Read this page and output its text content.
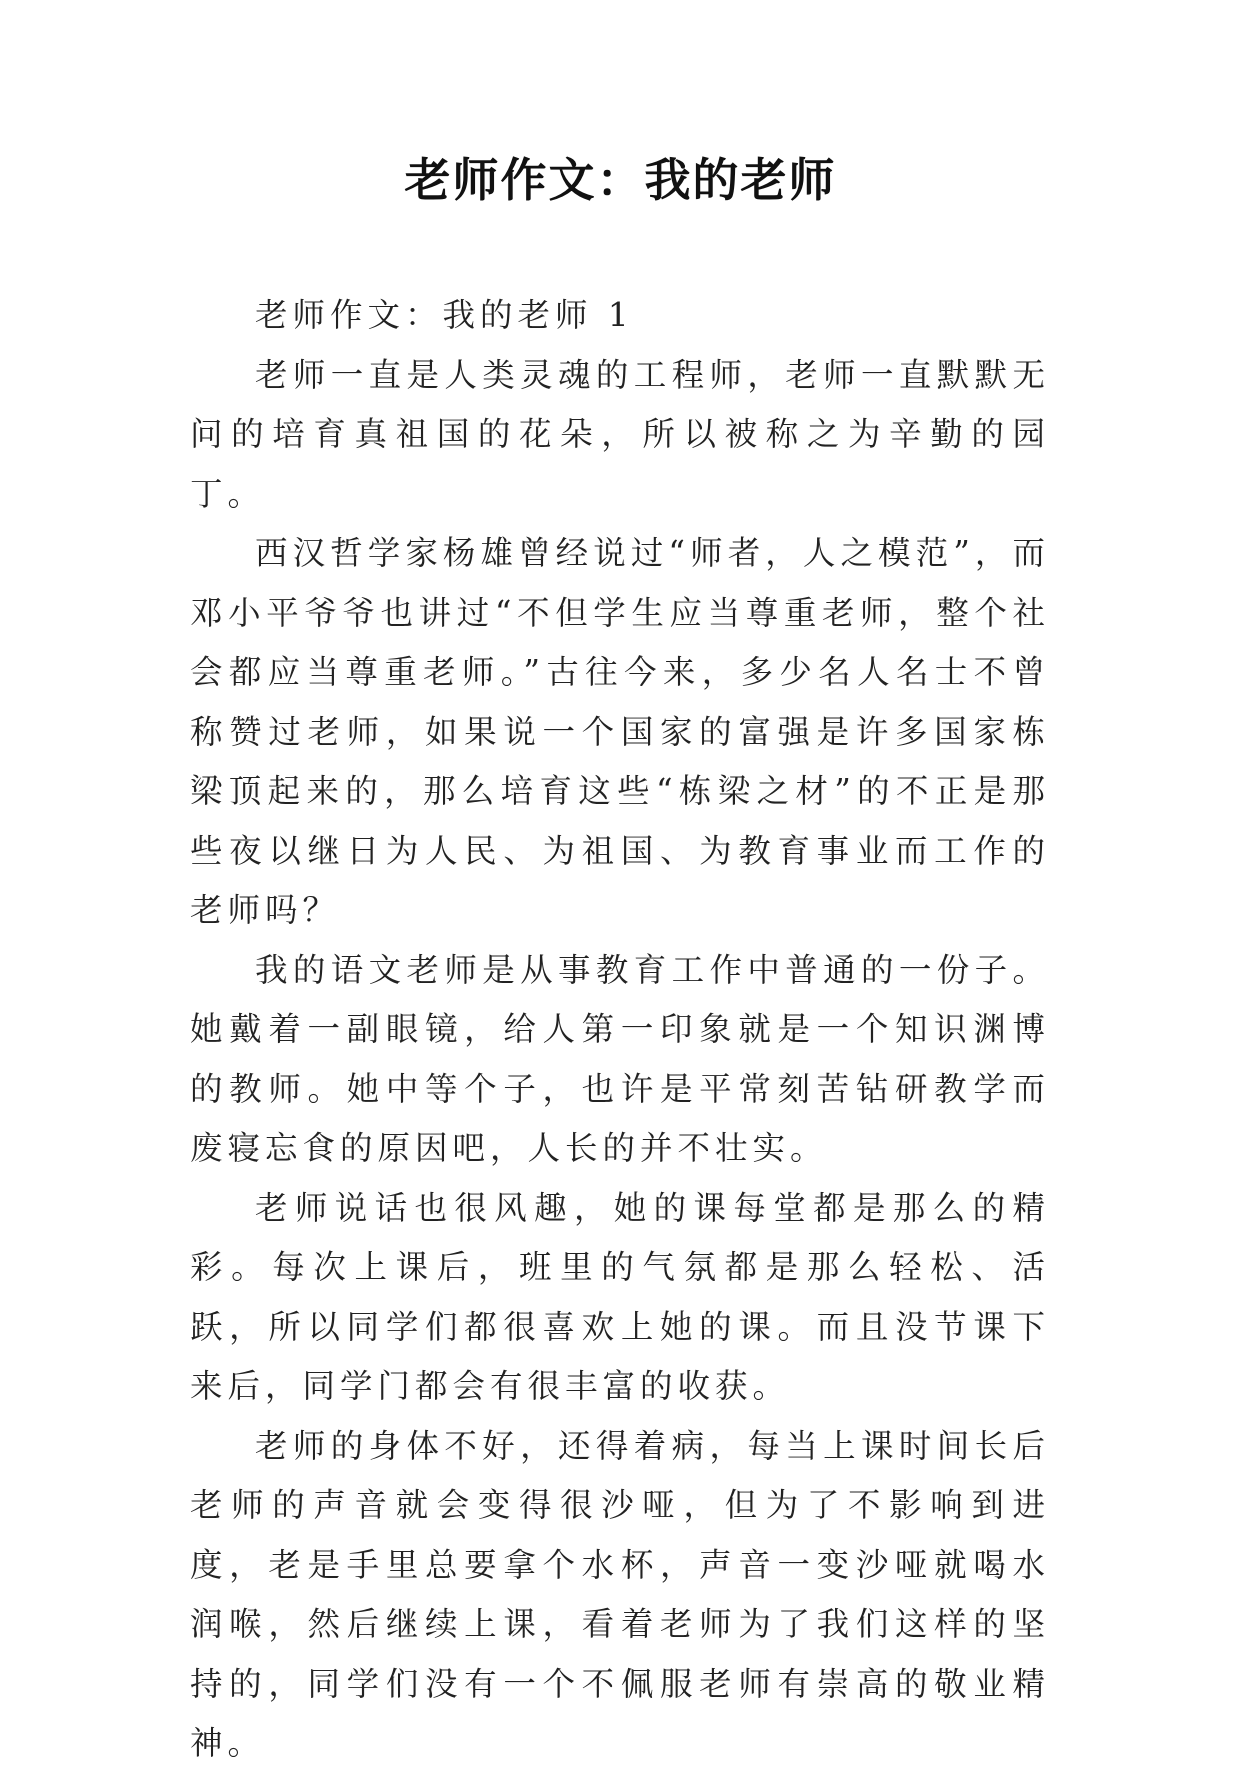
老师作文：我的老师

老师作文：我的老师 1

老师一直是人类灵魂的工程师，老师一直默默无问的培育真祖国的花朵，所以被称之为辛勤的园丁。

西汉哲学家杨雄曾经说过“师者，人之模范”，而邓小平爷爷也讲过“不但学生应当尊重老师，整个社会都应当尊重老师。”古往今来，多少名人名士不曾称赞过老师，如果说一个国家的富强是许多国家栋梁顶起来的，那么培育这些“栋梁之材”的不正是那些夜以继日为人民、为祖国、为教育事业而工作的老师吗？

我的语文老师是从事教育工作中普通的一份子。她戴着一副眼镜，给人第一印象就是一个知识渊博的教师。她中等个子，也许是平常刻苦钻研教学而废寝忘食的原因吧，人长的并不壮实。

老师说话也很风趣，她的课每堂都是那么的精彩。每次上课后，班里的气氛都是那么轻松、活跃，所以同学们都很喜欢上她的课。而且没节课下来后，同学门都会有很丰富的收获。

老师的身体不好，还得着病，每当上课时间长后老师的声音就会变得很沙哑，但为了不影响到进度，老是手里总要拿个水杯，声音一变沙哑就喝水润喉，然后继续上课，看着老师为了我们这样的坚持的，同学们没有一个不佩服老师有崇高的敬业精神。
